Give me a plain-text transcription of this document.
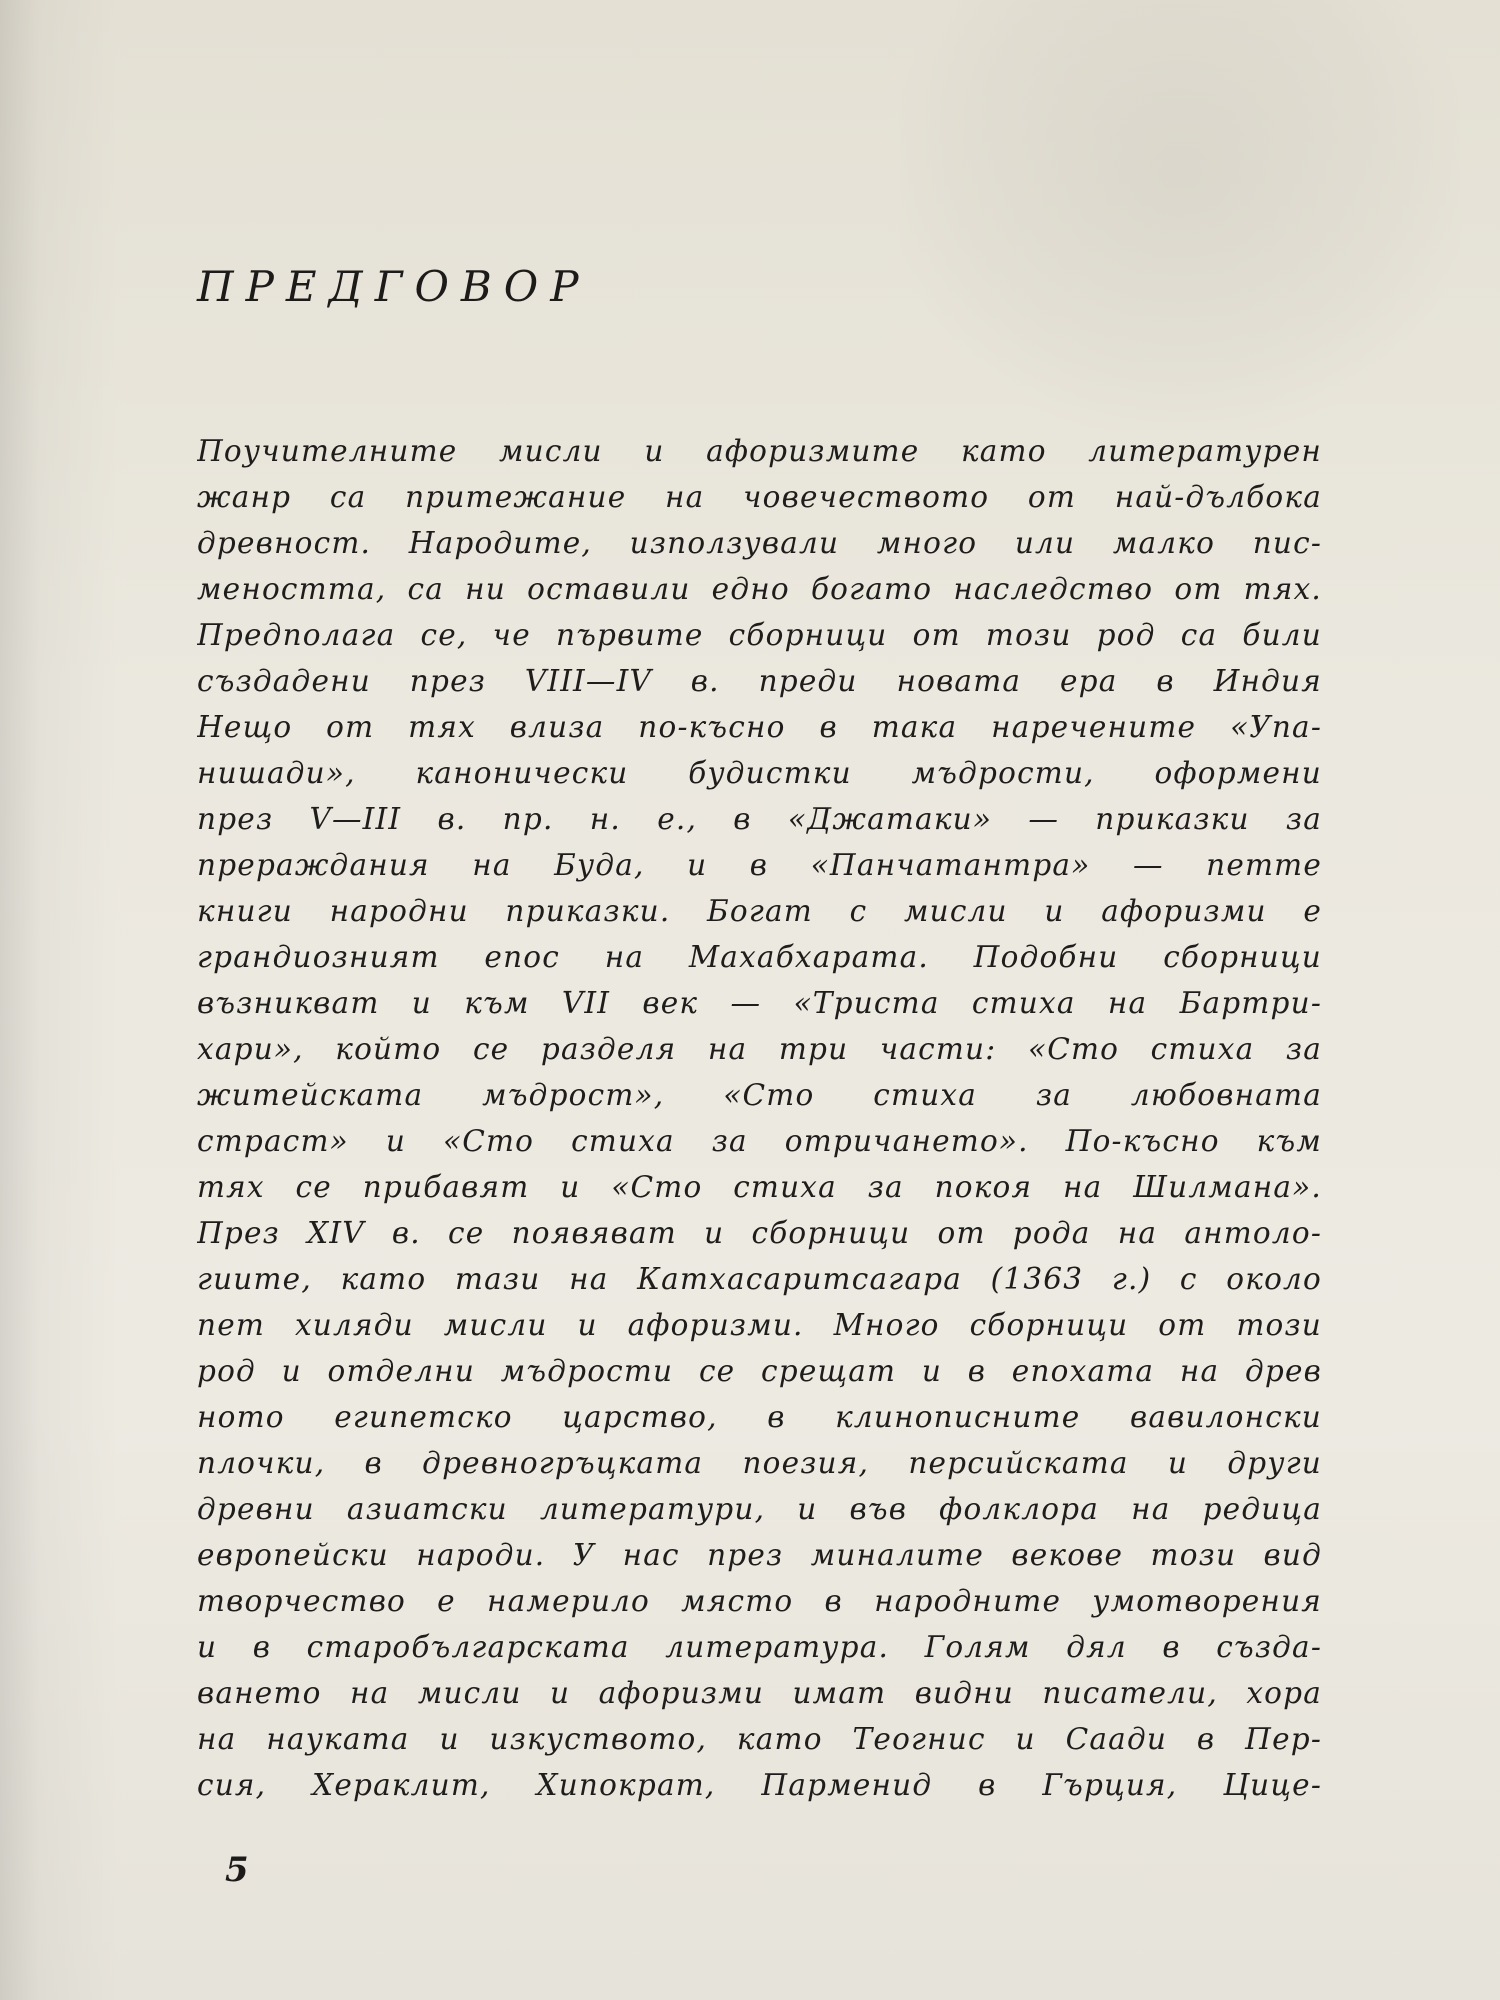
ПРЕДГОВОР
Поучителните мисли и афоризмите като литературен
жанр са притежание на човечеството от най-дълбока
древност. Народите, използували много или малко пис-
меността, са ни оставили едно богато наследство от тях.
Предполага се, че първите сборници от този род са били
създадени през VIII—IV в. преди новата ера в Индия
Нещо от тях влиза по-късно в така наречените «Упа-
нишади», канонически будистки мъдрости, оформени
през V—III в. пр. н. е., в «Джатаки» — приказки за
прераждания на Буда, и в «Панчатантра» — петте
книги народни приказки. Богат с мисли и афоризми е
грандиозният епос на Махабхарата. Подобни сборници
възникват и към VII век — «Триста стиха на Бартри-
хари», който се разделя на три части: «Сто стиха за
житейската мъдрост», «Сто стиха за любовната
страст» и «Сто стиха за отричането». По-късно към
тях се прибавят и «Сто стиха за покоя на Шилмана».
През XIV в. се появяват и сборници от рода на антоло-
гиите, като тази на Катхасаритсагара (1363 г.) с около
пет хиляди мисли и афоризми. Много сборници от този
род и отделни мъдрости се срещат и в епохата на древ
ното египетско царство, в клинописните вавилонски
плочки, в древногръцката поезия, персийската и други
древни азиатски литератури, и във фолклора на редица
европейски народи. У нас през миналите векове този вид
творчество е намерило място в народните умотворения
и в старобългарската литература. Голям дял в създа-
ването на мисли и афоризми имат видни писатели, хора
на науката и изкуството, като Теогнис и Саади в Пер-
сия, Хераклит, Хипократ, Парменид в Гърция, Цице-
5
